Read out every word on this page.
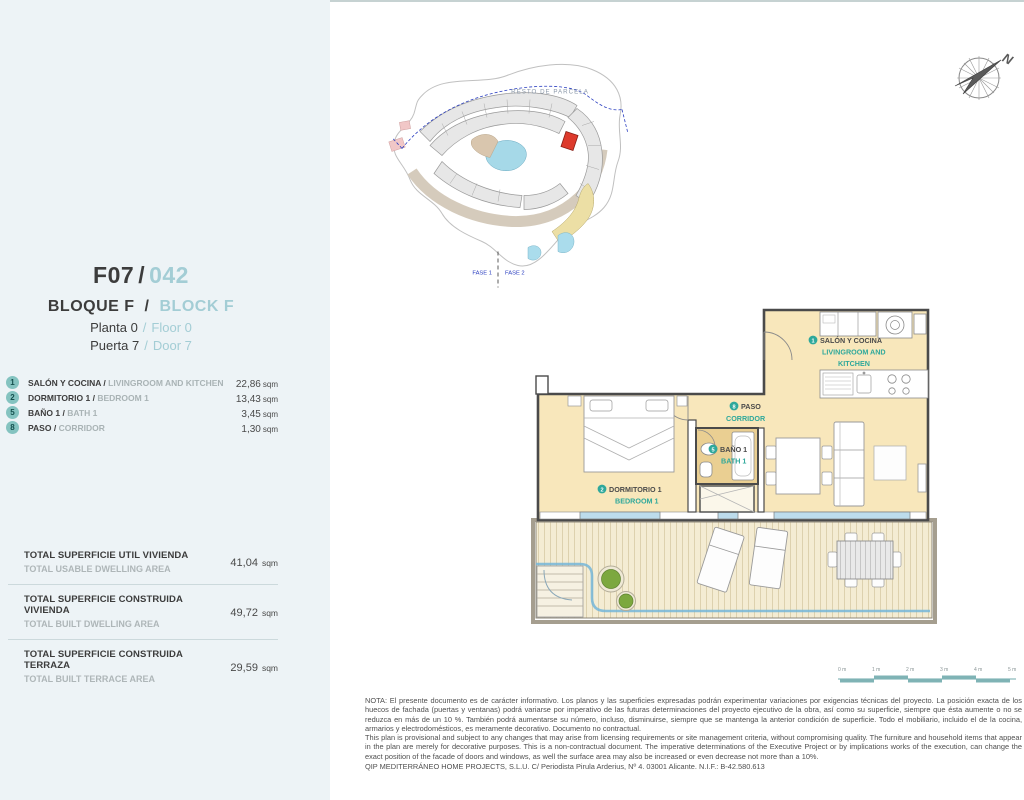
F07 / 042
BLOQUE F / BLOCK F
Planta 0 / Floor 0
Puerta 7 / Door 7
1	SALÓN Y COCINA / LIVINGROOM AND KITCHEN	22,86 sqm
2	DORMITORIO 1 / BEDROOM 1	13,43 sqm
5	BAÑO 1 / BATH 1	3,45 sqm
8	PASO / CORRIDOR	1,30 sqm
TOTAL SUPERFICIE UTIL VIVIENDA
TOTAL USABLE DWELLING AREA	41,04 sqm
TOTAL SUPERFICIE CONSTRUIDA VIVIENDA
TOTAL BUILT DWELLING AREA
49,72 sqm
TOTAL SUPERFICIE CONSTRUIDA TERRAZA
TOTAL BUILT TERRACE AREA
29,59 sqm
RESTO DE PARCELA
FASE 1 FASE 2
N
1 SALÓN Y COCINA
LIVINGROOM AND
KITCHEN
8 PASO
CORRIDOR
5 BAÑO 1
BATH 1
2 DORMITORIO 1
BEDROOM 1
0 m	1 m	2 m	3 m	4 m	5 m

NOTA: El presente documento es de carácter informativo. Los planos y las superficies expresadas podrán experimentar variaciones por exigencias técnicas del proyecto. La posición exacta de los huecos de fachada (puertas y ventanas) podrá variarse por imperativo de las futuras determinaciones del proyecto ejecutivo de la obra, así como su superficie, siempre que ésta aumente o no se reduzca en más de un 10 %. También podrá aumentarse su número, incluso, disminuirse, siempre que se mantenga la anterior condición de superficie. Todo el mobiliario, incluido el de la cocina, armarios y electrodomésticos, es meramente decorativo. Documento no contractual.

This plan is provisional and subject to any changes that may arise from licensing requirements or site management criteria, without compromising quality. The furniture and household items that appear in the plan are merely for decorative purposes. This is a non-contractual document. The imperative determinations of the Executive Project or by implications works of the execution, can change the exact position of the facade of doors and windows, as well the surface area may also be increased or even decrease not more than a 10%.

QIP MEDITERRÁNEO HOME PROJECTS, S.L.U. C/ Periodista Pirula Arderius, Nº 4. 03001 Alicante. N.I.F.: B-42.580.613
